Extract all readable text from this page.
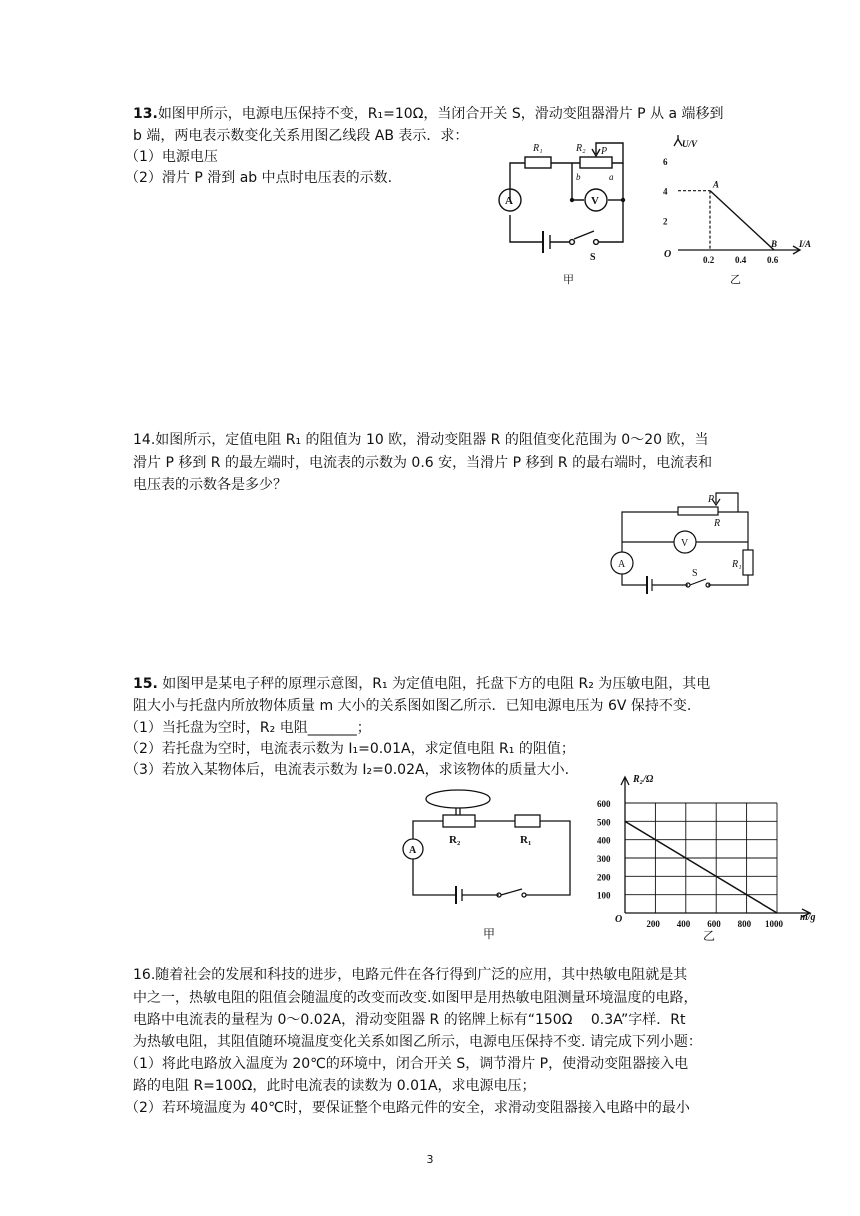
13.如图甲所示，电源电压保持不变，R₁=10Ω，当闭合开关 S，滑动变阻器滑片 P 从 a 端移到
b 端，两电表示数变化关系用图乙线段 AB 表示．求：
（1）电源电压
（2）滑片 P 滑到 ab 中点时电压表的示数.
R₁	R₂ P
b	a
A	V
S
甲
6
4
2
0.2 0.4 0.6
A
B
U/V
I/A
O
乙
14.如图所示，定值电阻 R₁ 的阻值为 10 欧，滑动变阻器 R 的阻值变化范围为 0～20 欧，当
滑片 P 移到 R 的最左端时，电流表的示数为 0.6 安，当滑片 P 移到 R 的最右端时，电流表和
电压表的示数各是多少？
P
R
V
A
S
R₁
15. 如图甲是某电子秤的原理示意图，R₁ 为定值电阻，托盘下方的电阻 R₂ 为压敏电阻，其电
阻大小与托盘内所放物体质量 m 大小的关系图如图乙所示．已知电源电压为 6V 保持不变.
（1）当托盘为空时，R₂ 电阻_______；
（2）若托盘为空时，电流表示数为 I₁=0.01A，求定值电阻 R₁ 的阻值；
（3）若放入某物体后，电流表示数为 I₂=0.02A，求该物体的质量大小.
R₂	R₁
A
甲
600
500
400
300
200
100
200 400 600 800 1000
R₂/Ω
m/g
O
乙
16.随着社会的发展和科技的进步，电路元件在各行得到广泛的应用，其中热敏电阻就是其
中之一，热敏电阻的阻值会随温度的改变而改变.如图甲是用热敏电阻测量环境温度的电路，
电路中电流表的量程为 0～0.02A，滑动变阻器 R 的铭牌上标有“150Ω　 0.3A”字样．Rt
为热敏电阻，其阻值随环境温度变化关系如图乙所示，电源电压保持不变. 请完成下列小题：
（1）将此电路放入温度为 20℃的环境中，闭合开关 S，调节滑片 P，使滑动变阻器接入电
路的电阻 R=100Ω，此时电流表的读数为 0.01A，求电源电压；
（2）若环境温度为 40℃时，要保证整个电路元件的安全，求滑动变阻器接入电路中的最小
3
